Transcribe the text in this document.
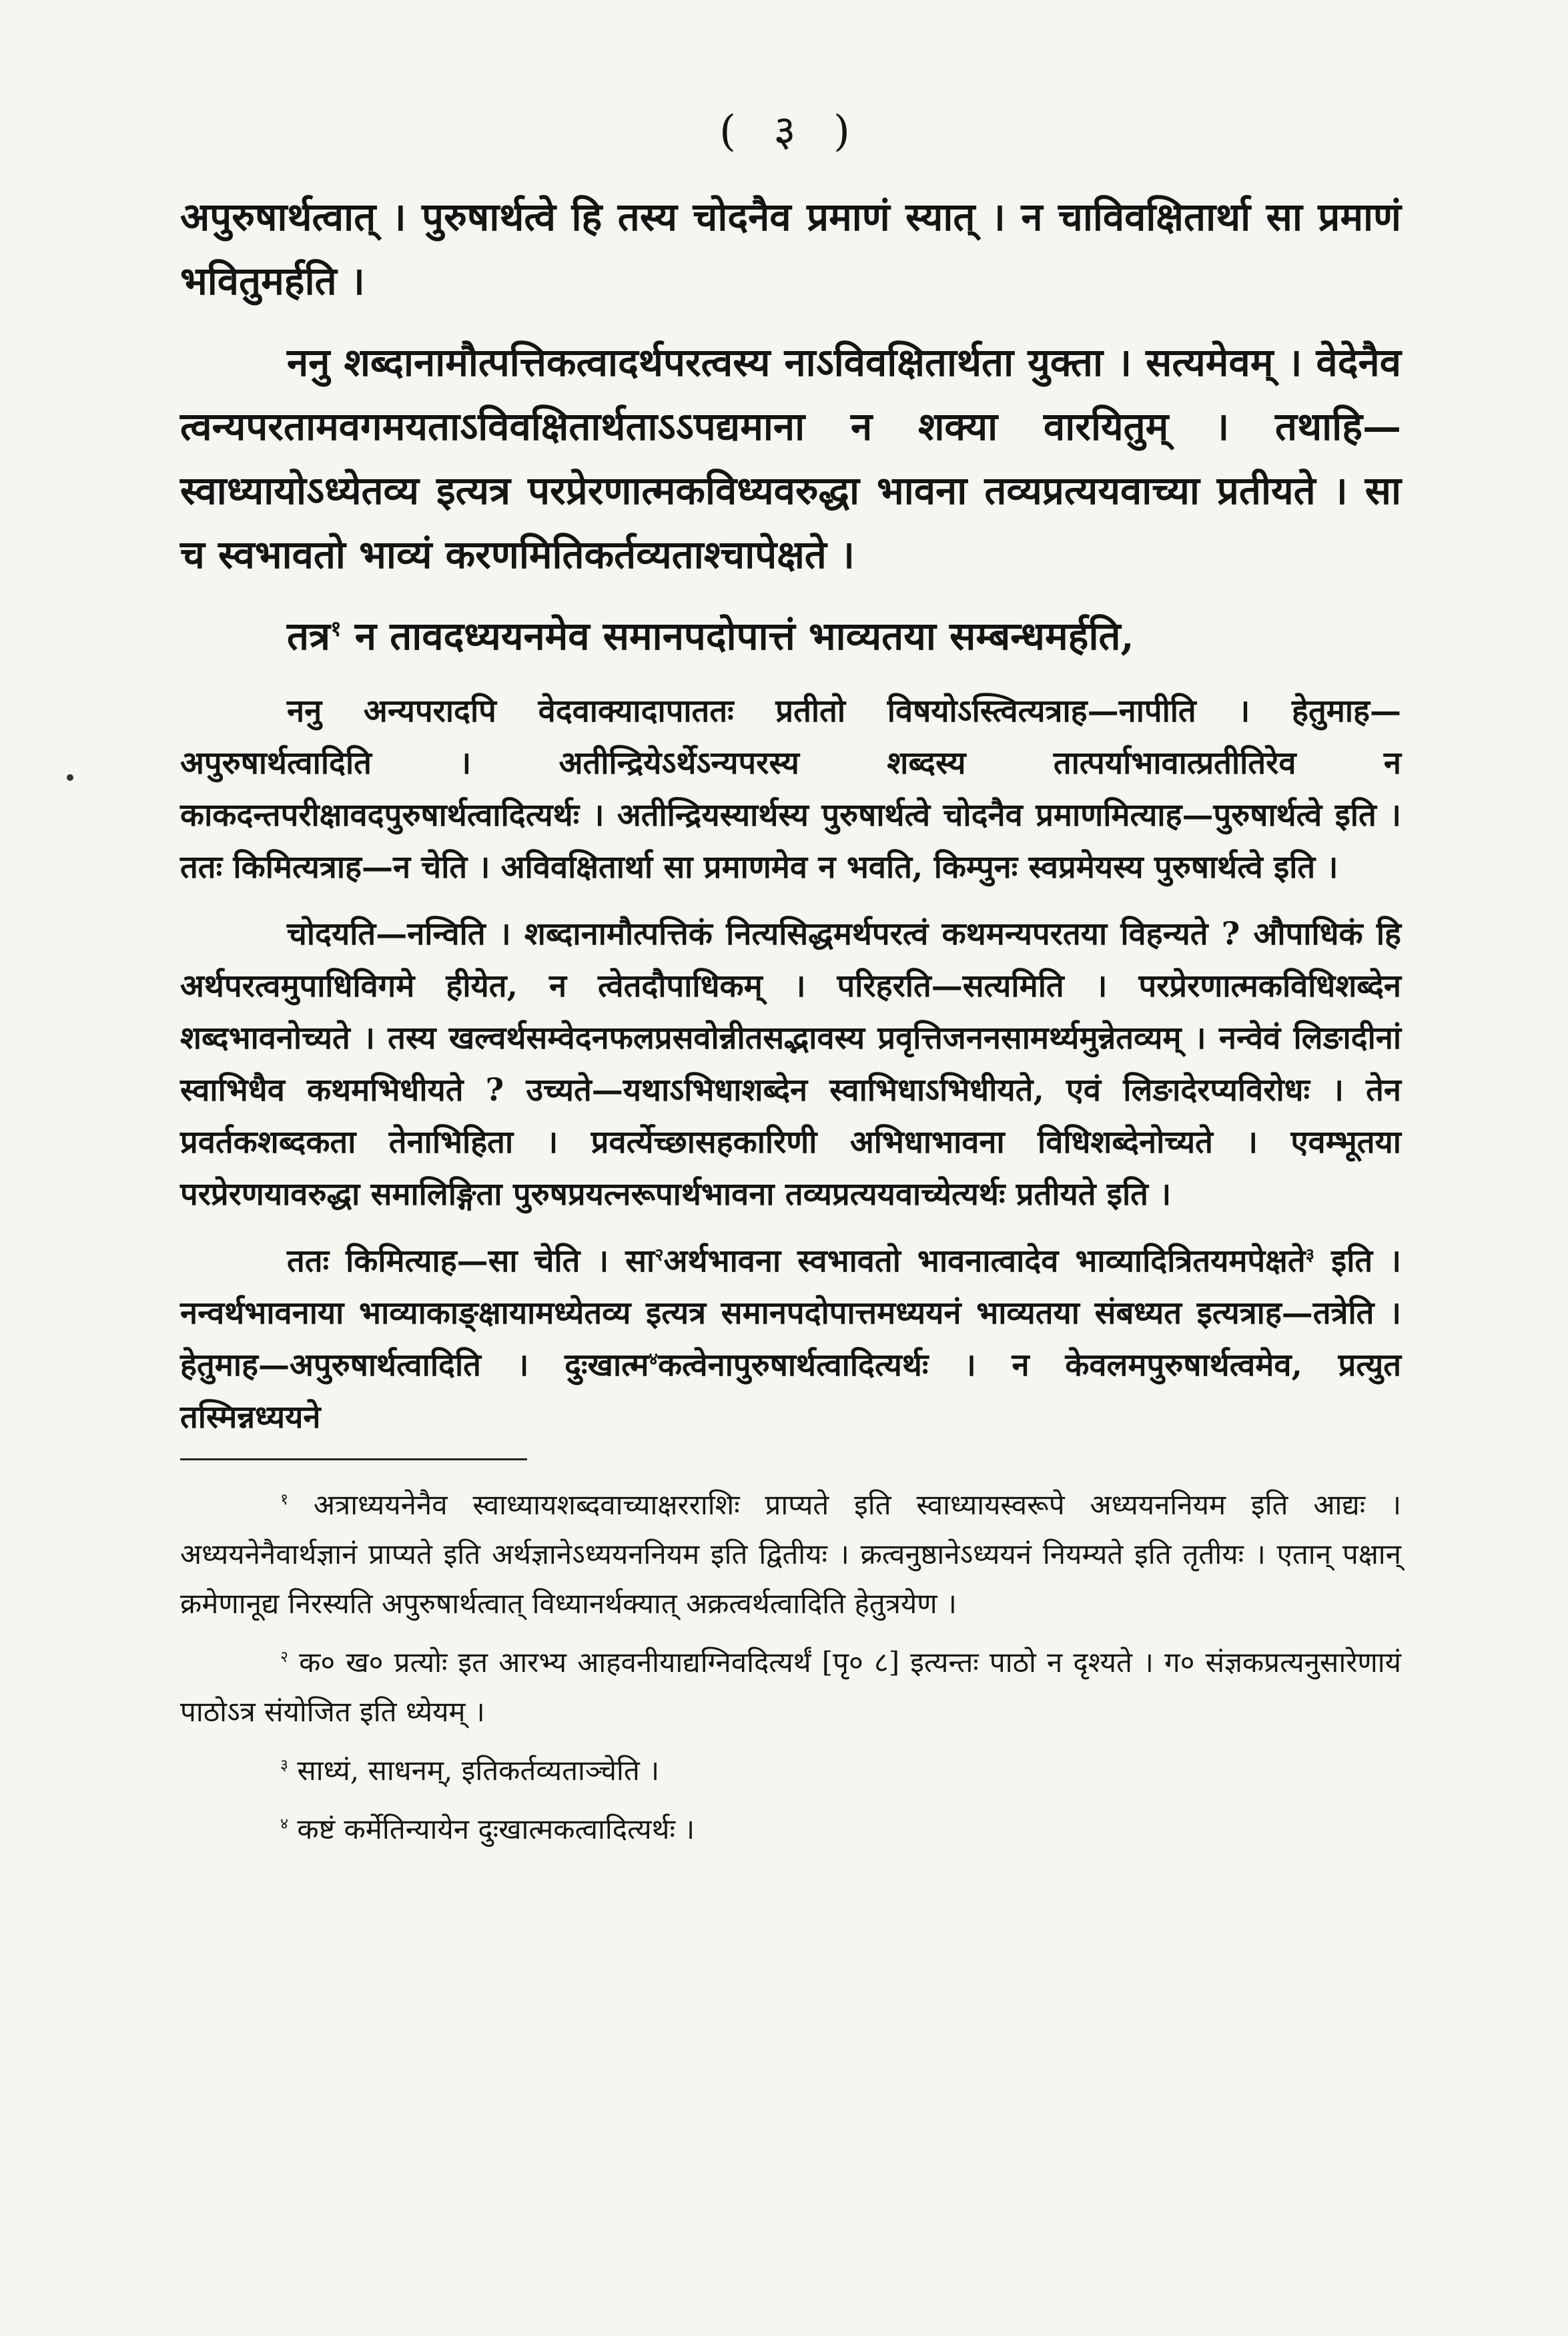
( ३ )

अपुरुषार्थत्वात् । पुरुषार्थत्वे हि तस्य चोदनैव प्रमाणं स्यात् । न चाविवक्षितार्था सा प्रमाणं भवितुमर्हति ।

ननु शब्दानामौत्पत्तिकत्वादर्थपरत्वस्य नाऽविवक्षितार्थता युक्ता । सत्यमेवम् । वेदेनैव त्वन्यपरतामवगमयताऽविवक्षितार्थताऽऽपद्यमाना न शक्या वारयितुम् । तथाहि—स्वाध्यायोऽध्येतव्य इत्यत्र परप्रेरणात्मकविध्यवरुद्धा भावना तव्यप्रत्ययवाच्या प्रतीयते । सा च स्वभावतो भाव्यं करणमितिकर्तव्यताश्चापेक्षते ।

तत्र$^१$ न तावदध्ययनमेव समानपदोपात्तं भाव्यतया सम्बन्धमर्हति,

ननु अन्यपरादपि वेदवाक्यादापाततः प्रतीतो विषयोऽस्त्वित्यत्राह—नापीति । हेतुमाह—अपुरुषार्थत्वादिति । अतीन्द्रियेऽर्थेऽन्यपरस्य शब्दस्य तात्पर्याभावात्प्रतीतिरेव न काकदन्तपरीक्षावदपुरुषार्थत्वादित्यर्थः । अतीन्द्रियस्यार्थस्य पुरुषार्थत्वे चोदनैव प्रमाणमित्याह—पुरुषार्थत्वे इति । ततः किमित्यत्राह—न चेति । अविवक्षितार्था सा प्रमाणमेव न भवति, किम्पुनः स्वप्रमेयस्य पुरुषार्थत्वे इति ।

चोदयति—नन्विति । शब्दानामौत्पत्तिकं नित्यसिद्धमर्थपरत्वं कथमन्यपरतया विहन्यते ? औपाधिकं हि अर्थपरत्वमुपाधिविगमे हीयेत, न त्वेतदौपाधिकम् । परिहरति—सत्यमिति । परप्रेरणात्मकविधिशब्देन शब्दभावनोच्यते । तस्य खल्वर्थसम्वेदनफलप्रसवोन्नीतसद्भावस्य प्रवृत्तिजननसामर्थ्यमुन्नेतव्यम् । नन्वेवं लिङादीनां स्वाभिधैव कथमभिधीयते ? उच्यते—यथाऽभिधाशब्देन स्वाभिधाऽभिधीयते, एवं लिङादेरप्यविरोधः । तेन प्रवर्तकशब्दकता तेनाभिहिता । प्रवर्त्येच्छासहकारिणी अभिधाभावना विधिशब्देनोच्यते । एवम्भूतया परप्रेरणयावरुद्धा समालिङ्गिता पुरुषप्रयत्नरूपार्थभावना तव्यप्रत्ययवाच्येत्यर्थः प्रतीयते इति ।

ततः किमित्याह—सा चेति । सा$^२$अर्थभावना स्वभावतो भावनात्वादेव भाव्यादित्रितयमपेक्षते$^३$ इति । नन्वर्थभावनाया भाव्याकाङ्क्षायामध्येतव्य इत्यत्र समानपदोपात्तमध्ययनं भाव्यतया संबध्यत इत्यत्राह—तत्रेति । हेतुमाह—अपुरुषार्थत्वादिति । दुःखात्म$^४$कत्वेनापुरुषार्थत्वादित्यर्थः । न केवलमपुरुषार्थत्वमेव, प्रत्युत तस्मिन्नध्ययने

$^१$ अत्राध्ययनेनैव स्वाध्यायशब्दवाच्याक्षरराशिः प्राप्यते इति स्वाध्यायस्वरूपे अध्ययननियम इति आद्यः । अध्ययनेनैवार्थज्ञानं प्राप्यते इति अर्थज्ञानेऽध्ययननियम इति द्वितीयः । क्रत्वनुष्ठानेऽध्ययनं नियम्यते इति तृतीयः । एतान् पक्षान् क्रमेणानूद्य निरस्यति अपुरुषार्थत्वात् विध्यानर्थक्यात् अक्रत्वर्थत्वादिति हेतुत्रयेण ।

$^२$ क० ख० प्रत्योः इत आरभ्य आहवनीयाद्यग्निवदित्यर्थं [पृ० ८] इत्यन्तः पाठो न दृश्यते । ग० संज्ञकप्रत्यनुसारेणायं पाठोऽत्र संयोजित इति ध्येयम् ।

$^३$ साध्यं, साधनम्, इतिकर्तव्यताञ्चेति ।

$^४$ कष्टं कर्मेतिन्यायेन दुःखात्मकत्वादित्यर्थः ।
